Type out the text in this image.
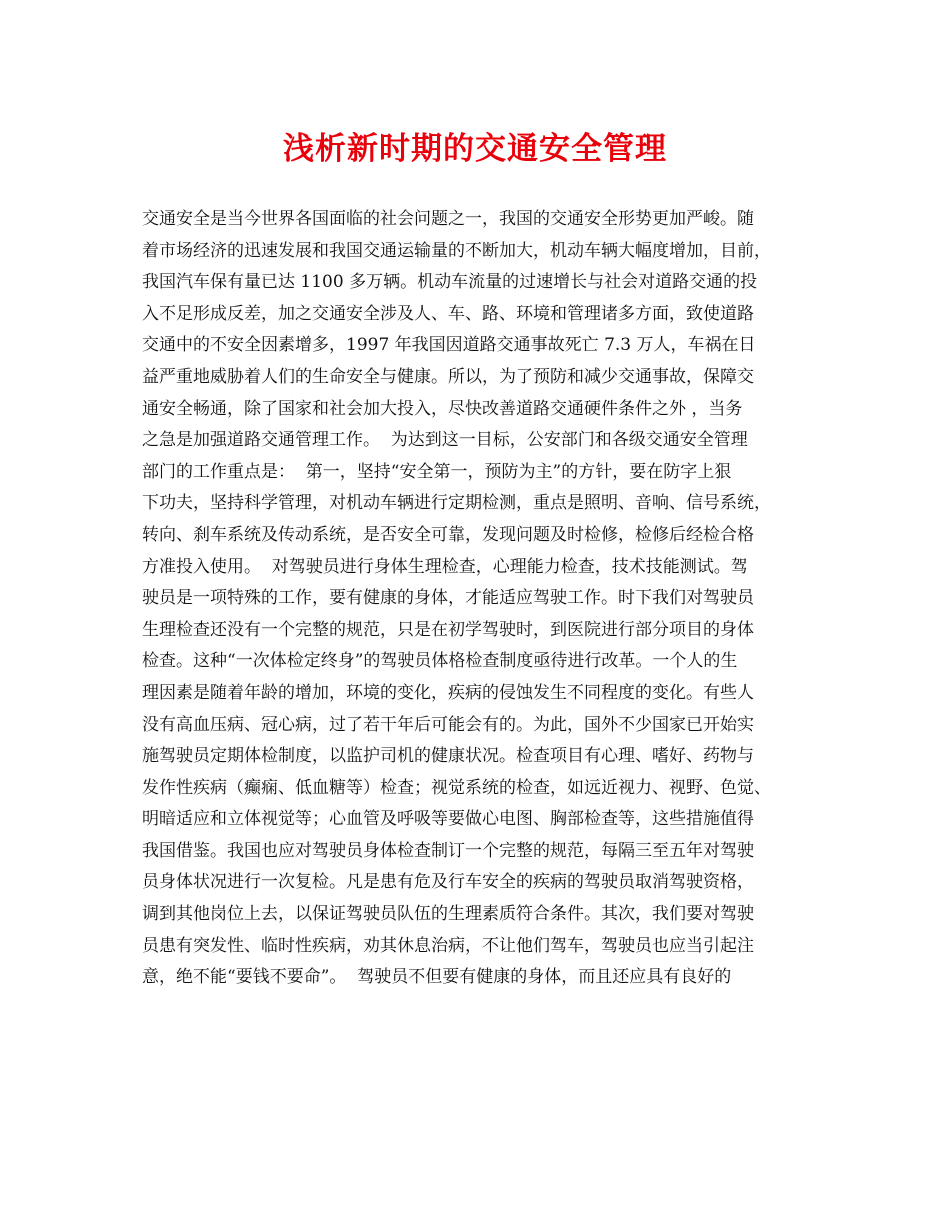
浅析新时期的交通安全管理
交通安全是当今世界各国面临的社会问题之一，我国的交通安全形势更加严峻。随
着市场经济的迅速发展和我国交通运输量的不断加大，机动车辆大幅度增加，目前，
我国汽车保有量已达 1100 多万辆。机动车流量的过速增长与社会对道路交通的投
入不足形成反差，加之交通安全涉及人、车、路、环境和管理诸多方面，致使道路
交通中的不安全因素增多，1997 年我国因道路交通事故死亡 7.3 万人，车祸在日
益严重地威胁着人们的生命安全与健康。所以，为了预防和减少交通事故，保障交
通安全畅通，除了国家和社会加大投入，尽快改善道路交通硬件条件之外 ，当务
之急是加强道路交通管理工作。  为达到这一目标，公安部门和各级交通安全管理
部门的工作重点是：  第一，坚持“安全第一，预防为主”的方针，要在防字上狠
下功夫，坚持科学管理，对机动车辆进行定期检测，重点是照明、音响、信号系统，
转向、刹车系统及传动系统，是否安全可靠，发现问题及时检修，检修后经检合格
方准投入使用。  对驾驶员进行身体生理检查，心理能力检查，技术技能测试。驾
驶员是一项特殊的工作，要有健康的身体，才能适应驾驶工作。时下我们对驾驶员
生理检查还没有一个完整的规范，只是在初学驾驶时，到医院进行部分项目的身体
检查。这种“一次体检定终身”的驾驶员体格检查制度亟待进行改革。一个人的生
理因素是随着年龄的增加，环境的变化，疾病的侵蚀发生不同程度的变化。有些人
没有高血压病、冠心病，过了若干年后可能会有的。为此，国外不少国家已开始实
施驾驶员定期体检制度，以监护司机的健康状况。检查项目有心理、嗜好、药物与
发作性疾病（癫痫、低血糖等）检查；视觉系统的检查，如远近视力、视野、色觉、
明暗适应和立体视觉等；心血管及呼吸等要做心电图、胸部检查等，这些措施值得
我国借鉴。我国也应对驾驶员身体检查制订一个完整的规范，每隔三至五年对驾驶
员身体状况进行一次复检。凡是患有危及行车安全的疾病的驾驶员取消驾驶资格，
调到其他岗位上去，以保证驾驶员队伍的生理素质符合条件。其次，我们要对驾驶
员患有突发性、临时性疾病，劝其休息治病，不让他们驾车，驾驶员也应当引起注
意，绝不能“要钱不要命”。  驾驶员不但要有健康的身体，而且还应具有良好的
